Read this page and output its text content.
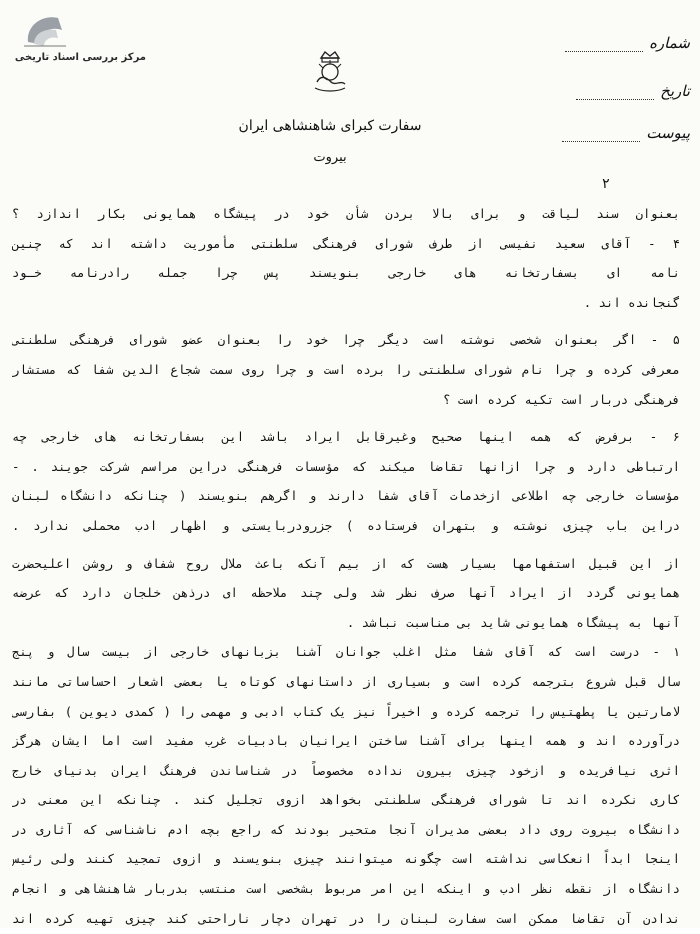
مرکز بررسی اسناد تاریخی
سفارت کبرای شاهنشاهی ایران
بیروت
شماره
تاریخ
پیوست
۲
بعنوان سند لیاقت و برای بالا بردن شأن خود در پیشگاه همایونی بکار اندازد ؟
۴ - آقای سعید نفیسی از طرف شورای فرهنگی سلطنتی مأموریت داشته اند که چنین
نامه ای بسفارتخانه های خارجی بنویسند پس چرا جمله رادرنامه خـود
گنجانده اند .
۵ - اگر بعنوان شخصی نوشته است دیگر چرا خود را بعنوان عضو شورای فرهنگی سلطنتی
معرفی کرده و چرا نام شورای سلطنتی را برده است و چرا روی سمت شجاع الدین شفا که مستشار
فرهنگی دربار است تکیه کرده است ؟
۶ - برفرض که همه اینها صحیح وغیرقابل ایراد باشد این بسفارتخانه های خارجی چه
ارتباطی دارد و چرا ازانها تقاضا میکند که مؤسسات فرهنگی دراین مراسم شرکت جویند . -
مؤسسات خارجی چه اطلاعی ازخدمات آقای شفا دارند و اگرهم بنویسند ( چنانکه دانشگاه لبنان
دراین باب چیزی نوشته و بتهران فرستاده ) جزرودربایستی و اظهار ادب محملی ندارد .
از این قبیل استفهامها بسیار هست که از بیم آنکه باعث ملال روح شفاف و روشن اعلیحضرت
همایونی گردد از ایراد آنها صرف نظر شد ولی چند ملاحظه ای درذهن خلجان دارد که عرضه
آنها به پیشگاه همایونی شاید بی مناسبت نباشد .
۱ - درست است که آقای شفا مثل اغلب جوانان آشنا بزبانهای خارجی از بیست سال و پنج
سال قبل شروع بترجمه کرده است و بسیاری از داستانهای کوتاه یا بعضی اشعار احساساتی مانند
لامارتین یا پطهتیس را ترجمه کرده و اخیراً نیز یک کتاب ادبی و مهمی را ( کمدی دیوین ) بفارسی
درآورده اند و همه اینها برای آشنا ساختن ایرانیان بادبیات غرب مفید است اما ایشان هرگز
اثری نیافریده و ازخود چیزی بیرون نداده مخصوصاً در شناساندن فرهنگ ایران بدنیای خارج
کاری نکرده اند تا شورای فرهنگی سلطنتی بخواهد ازوی تجلیل کند . چنانکه این معنی در
دانشگاه بیروت روی داد بعضی مدیران آنجا متحیر بودند که راجع بچه ادم ناشناسی که آثاری در
اینجا ابداً انعکاسی نداشته است چگونه میتوانند چیزی بنویسند و ازوی تمجید کنند ولی رئیس
دانشگاه از نقطه نظر ادب و اینکه این امر مربوط بشخصی است منتسب بدربار شاهنشاهی و انجام
ندادن آن تقاضا ممکن است سفارت لبنان را در تهران دچار ناراحتی کند چیزی تهیه کرده اند
